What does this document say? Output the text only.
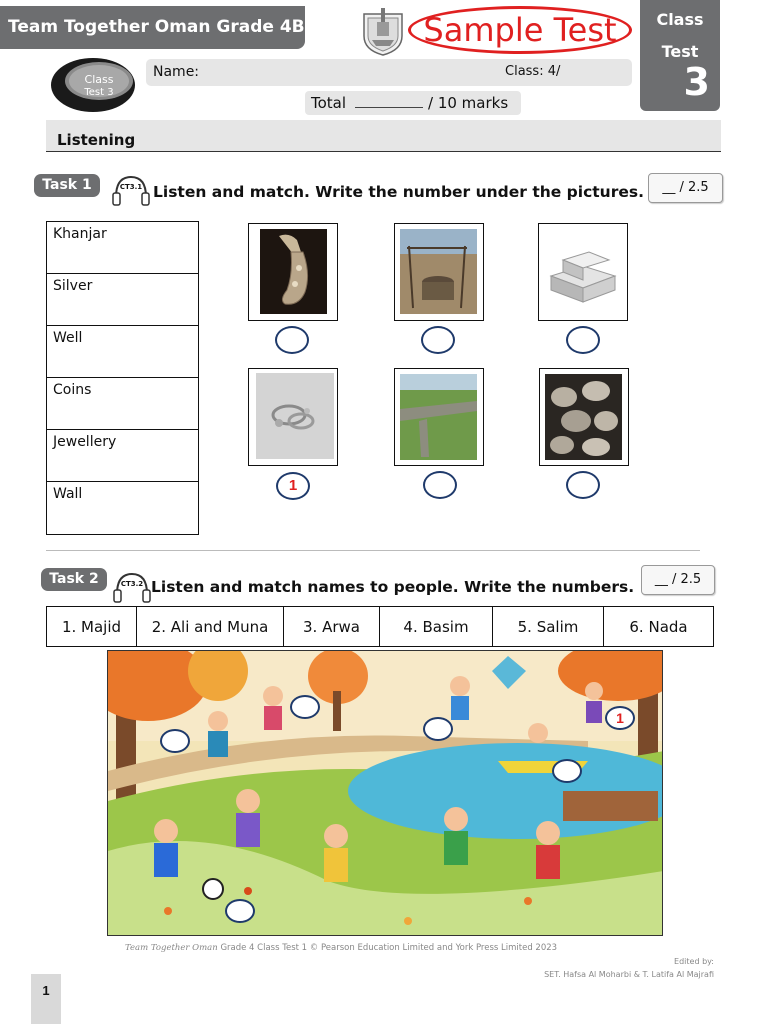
Team Together Oman Grade 4B	Sample Test	Class
Test
3
Class
Test 3
Name:	Class: 4/
Total	/ 10 marks
Listening
Task 1	CT3.1 Listen and match. Write the number under the pictures.	__ / 2.5
Khanjar
Silver
Well
Coins
Jewellery
Wall	1
Task 2	CT3.2 Listen and match names to people. Write the numbers.	__ / 2.5
1. Majid	2. Ali and Muna	3. Arwa	4. Basim	5. Salim	6. Nada
1
Team Together Oman Grade 4 Class Test 1 © Pearson Education Limited and York Press Limited 2023
Edited by:
SET. Hafsa Al Moharbi & T. Latifa Al Majrafi
1
